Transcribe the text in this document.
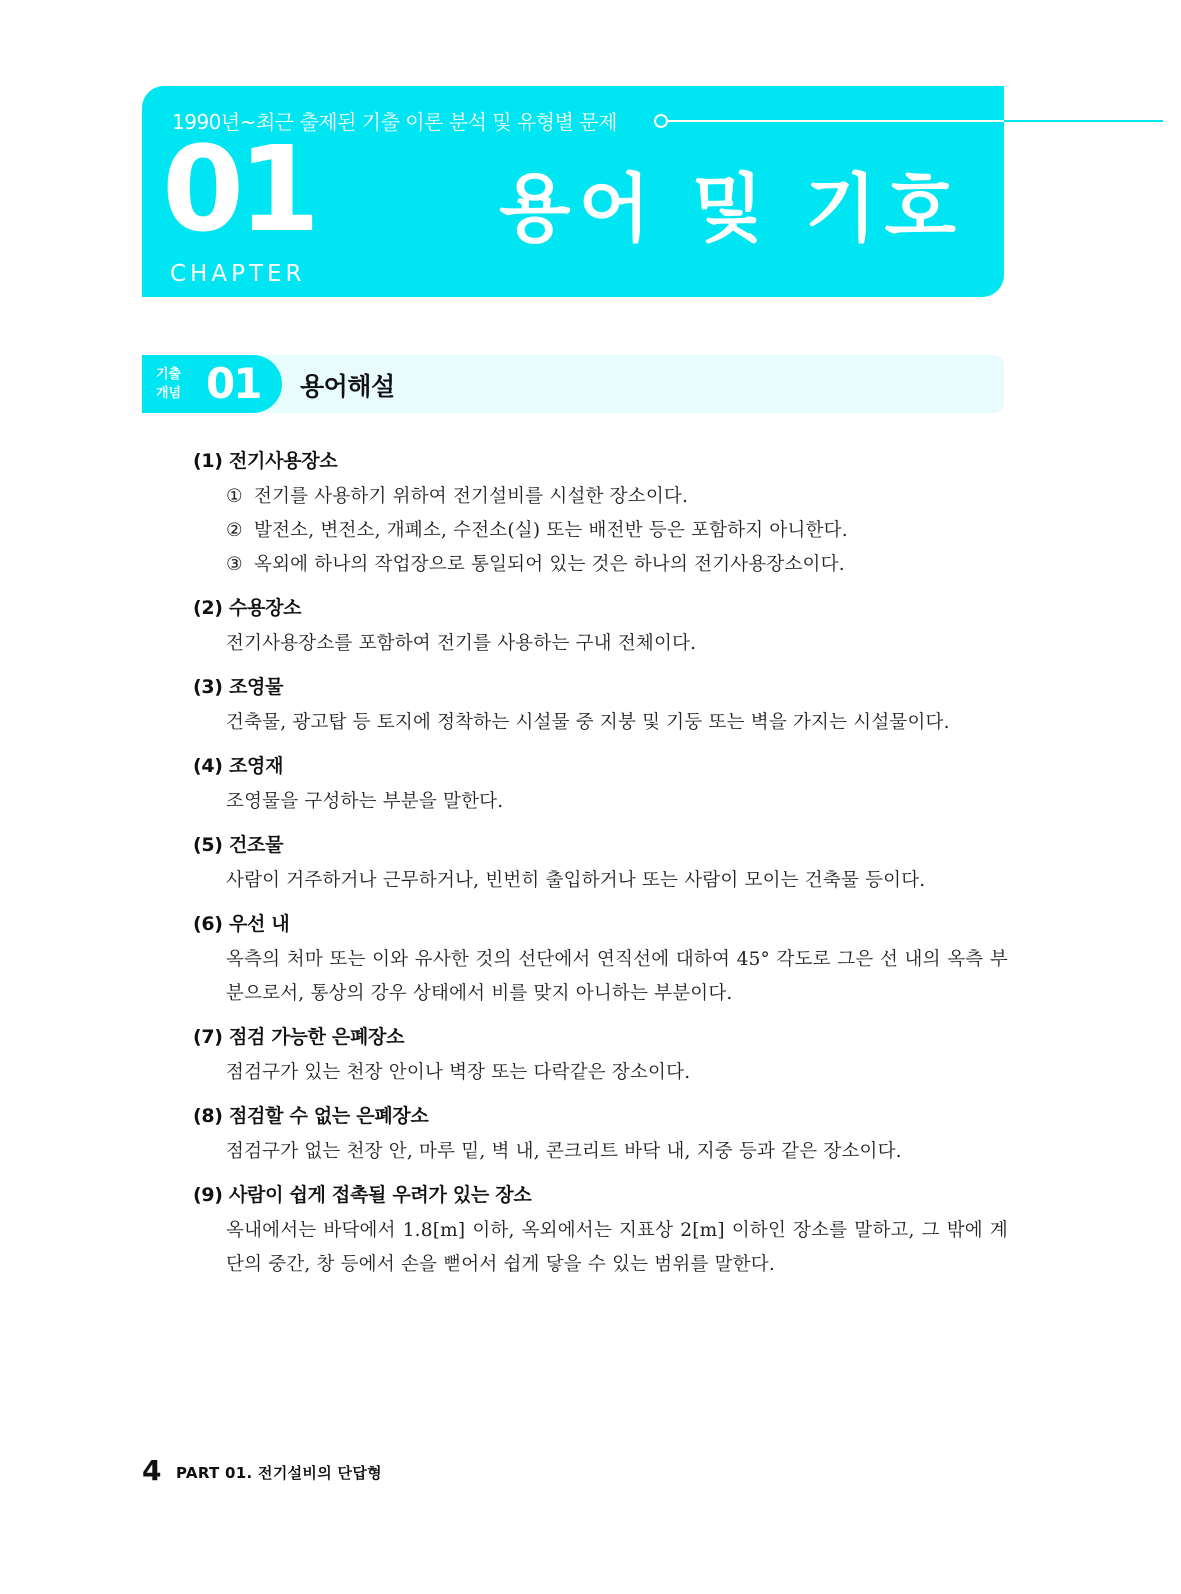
1990년~최근 출제된 기출 이론 분석 및 유형별 문제
01
CHAPTER
용어 및 기호
기출
개념 01 용어해설
(1) 전기사용장소
① 전기를 사용하기 위하여 전기설비를 시설한 장소이다.
② 발전소, 변전소, 개폐소, 수전소(실) 또는 배전반 등은 포함하지 아니한다.
③ 옥외에 하나의 작업장으로 통일되어 있는 것은 하나의 전기사용장소이다.
(2) 수용장소
전기사용장소를 포함하여 전기를 사용하는 구내 전체이다.
(3) 조영물
건축물, 광고탑 등 토지에 정착하는 시설물 중 지붕 및 기둥 또는 벽을 가지는 시설물이다.
(4) 조영재
조영물을 구성하는 부분을 말한다.
(5) 건조물
사람이 거주하거나 근무하거나, 빈번히 출입하거나 또는 사람이 모이는 건축물 등이다.
(6) 우선 내
옥측의 처마 또는 이와 유사한 것의 선단에서 연직선에 대하여 45° 각도로 그은 선 내의 옥측 부분으로서, 통상의 강우 상태에서 비를 맞지 아니하는 부분이다.
(7) 점검 가능한 은폐장소
점검구가 있는 천장 안이나 벽장 또는 다락같은 장소이다.
(8) 점검할 수 없는 은폐장소
점검구가 없는 천장 안, 마루 밑, 벽 내, 콘크리트 바닥 내, 지중 등과 같은 장소이다.
(9) 사람이 쉽게 접촉될 우려가 있는 장소
옥내에서는 바닥에서 1.8[m] 이하, 옥외에서는 지표상 2[m] 이하인 장소를 말하고, 그 밖에 계단의 중간, 창 등에서 손을 뻗어서 쉽게 닿을 수 있는 범위를 말한다.
4 PART 01. 전기설비의 단답형
